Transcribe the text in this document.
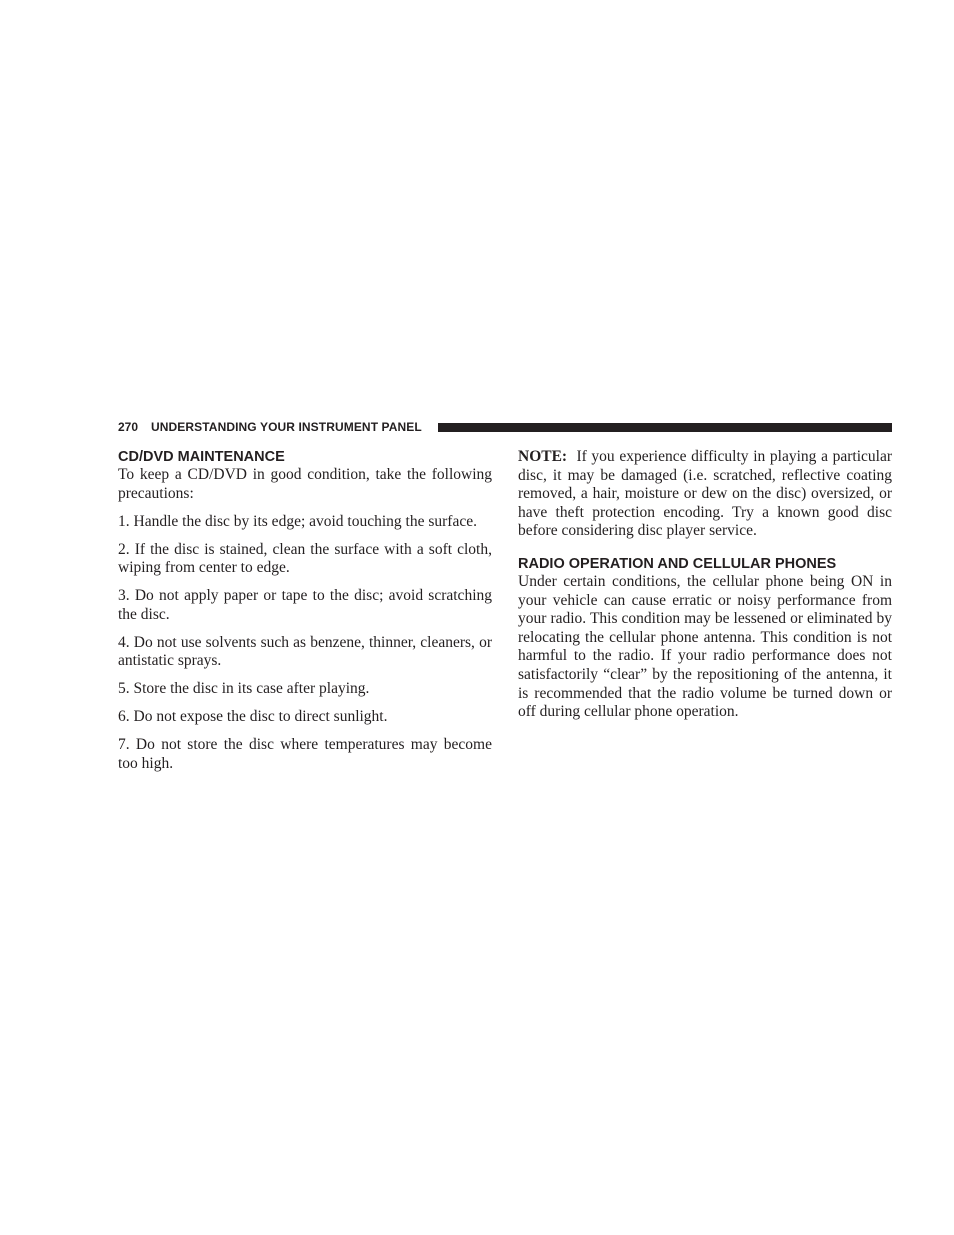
270 UNDERSTANDING YOUR INSTRUMENT PANEL
CD/DVD MAINTENANCE

To keep a CD/DVD in good condition, take the following precautions:

1. Handle the disc by its edge; avoid touching the surface.

2. If the disc is stained, clean the surface with a soft cloth, wiping from center to edge.

3. Do not apply paper or tape to the disc; avoid scratching the disc.

4. Do not use solvents such as benzene, thinner, cleaners, or antistatic sprays.

5. Store the disc in its case after playing.

6. Do not expose the disc to direct sunlight.

7. Do not store the disc where temperatures may become too high.

NOTE: If you experience difficulty in playing a particular disc, it may be damaged (i.e. scratched, reflective coating removed, a hair, moisture or dew on the disc) oversized, or have theft protection encoding. Try a known good disc before considering disc player service.

RADIO OPERATION AND CELLULAR PHONES

Under certain conditions, the cellular phone being ON in your vehicle can cause erratic or noisy performance from your radio. This condition may be lessened or eliminated by relocating the cellular phone antenna. This condition is not harmful to the radio. If your radio performance does not satisfactorily “clear” by the repositioning of the antenna, it is recommended that the radio volume be turned down or off during cellular phone operation.
